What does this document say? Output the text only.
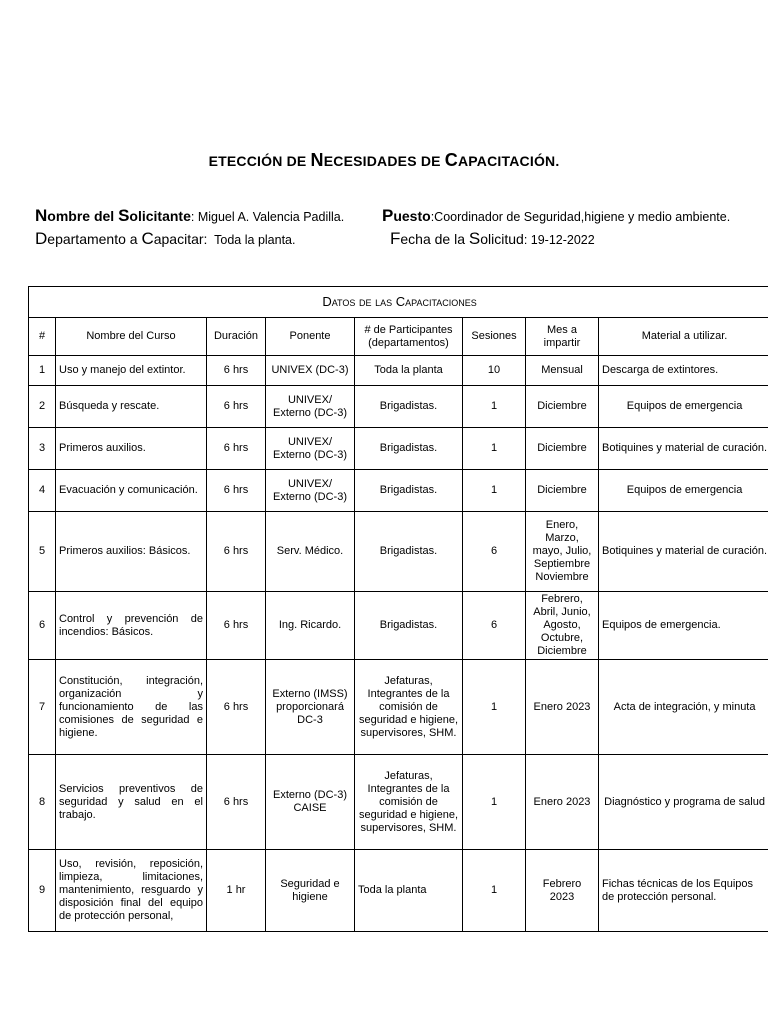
ETECCIÓN DE NECESIDADES DE CAPACITACIÓN.
Nombre del Solicitante: Miguel A. Valencia Padilla. Puesto:Coordinador de Seguridad,higiene y medio ambiente.
Departamento a Capacitar:  Toda la planta.	Fecha de la Solicitud: 19-12-2022
Datos de las Capacitaciones							
#	Nombre del Curso	Duración	Ponente	# de Participantes (departamentos)	Sesiones	Mes a impartir	Material a utilizar.
1	Uso y manejo del extintor.	6 hrs	UNIVEX (DC-3)	Toda la planta	10	Mensual	Descarga de extintores.
2	Búsqueda y rescate.	6 hrs	UNIVEX/ Externo (DC-3)	Brigadistas.	1	Diciembre	Equipos de emergencia
3	Primeros auxilios.	6 hrs	UNIVEX/ Externo (DC-3)	Brigadistas.	1	Diciembre	Botiquines y material de curación.
4	Evacuación y comunicación.	6 hrs	UNIVEX/ Externo (DC-3)	Brigadistas.	1	Diciembre	Equipos de emergencia
5	Primeros auxilios: Básicos.	6 hrs	Serv. Médico.	Brigadistas.	6	Enero, Marzo, mayo, Julio, Septiembre Noviembre	Botiquines y material de curación.
6	Control y prevención de incendios: Básicos.	6 hrs	Ing. Ricardo.	Brigadistas.	6	Febrero, Abril, Junio, Agosto, Octubre, Diciembre	Equipos de emergencia.
7	Constitución, integración, organización y funcionamiento de las comisiones de seguridad e higiene.	6 hrs	Externo (IMSS) proporcionará DC-3	Jefaturas, Integrantes de la comisión de seguridad e higiene, supervisores, SHM.	1	Enero 2023	Acta de integración, y minuta
8	Servicios preventivos de seguridad y salud en el trabajo.	6 hrs	Externo (DC-3) CAISE	Jefaturas, Integrantes de la comisión de seguridad e higiene, supervisores, SHM.	1	Enero 2023	Diagnóstico y programa de salud
9	Uso, revisión, reposición, limpieza, limitaciones, mantenimiento, resguardo y disposición final del equipo de protección personal,	1 hr	Seguridad e higiene	Toda la planta	1	Febrero 2023	Fichas técnicas de los Equipos de protección personal.
